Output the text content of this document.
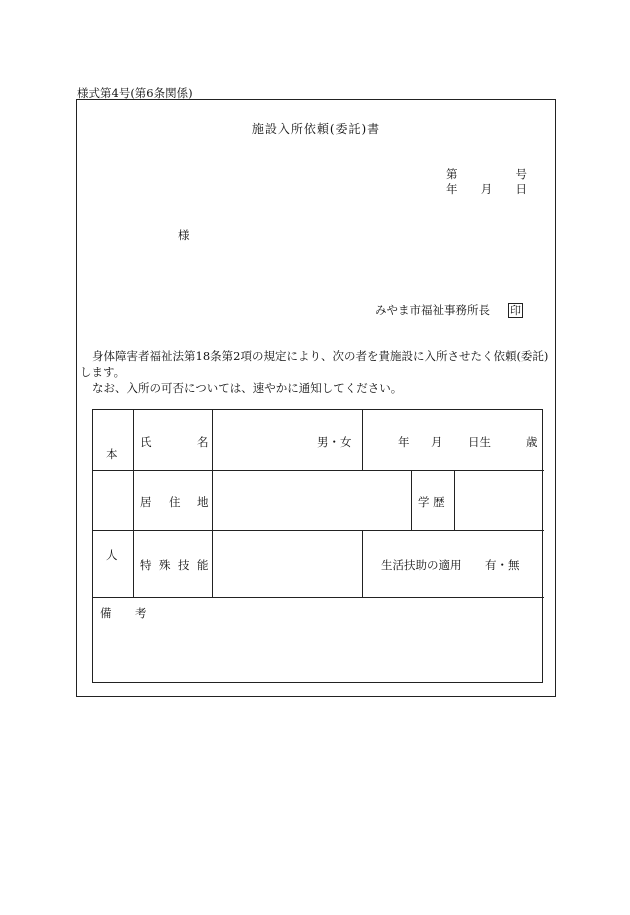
様式第4号(第6条関係)
施設入所依頼(委託)書
第	号
年 月 日
様
みやま市福祉事務所長 印

身体障害者福祉法第18条第2項の規定により、次の者を貴施設に入所させたく依頼(委託)します。

なお、入所の可否については、速やかに通知してください。

本
人
氏	名	男・女	年 月 日生	歳
居 住 地	学 歴
特 殊 技 能	生活扶助の適用 有・無
備 考
